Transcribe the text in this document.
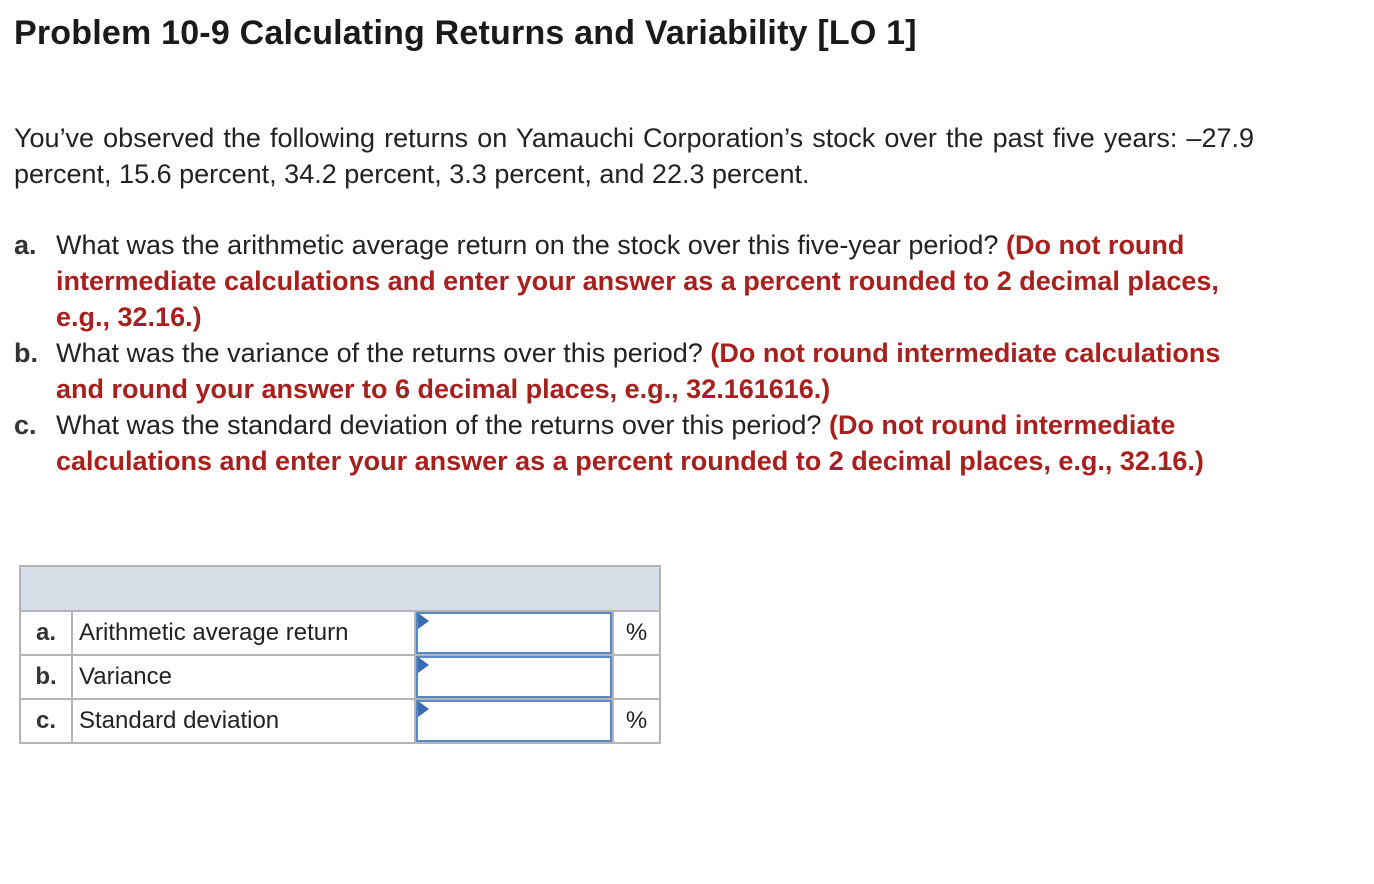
Problem 10-9 Calculating Returns and Variability [LO 1]
You’ve observed the following returns on Yamauchi Corporation’s stock over the past five years: –27.9 percent, 15.6 percent, 34.2 percent, 3.3 percent, and 22.3 percent.
a. What was the arithmetic average return on the stock over this five-year period? (Do not round intermediate calculations and enter your answer as a percent rounded to 2 decimal places, e.g., 32.16.)
b. What was the variance of the returns over this period? (Do not round intermediate calculations and round your answer to 6 decimal places, e.g., 32.161616.)
c. What was the standard deviation of the returns over this period? (Do not round intermediate calculations and enter your answer as a percent rounded to 2 decimal places, e.g., 32.16.)

a.	Arithmetic average return		%
b.	Variance	

c.	Standard deviation		%
